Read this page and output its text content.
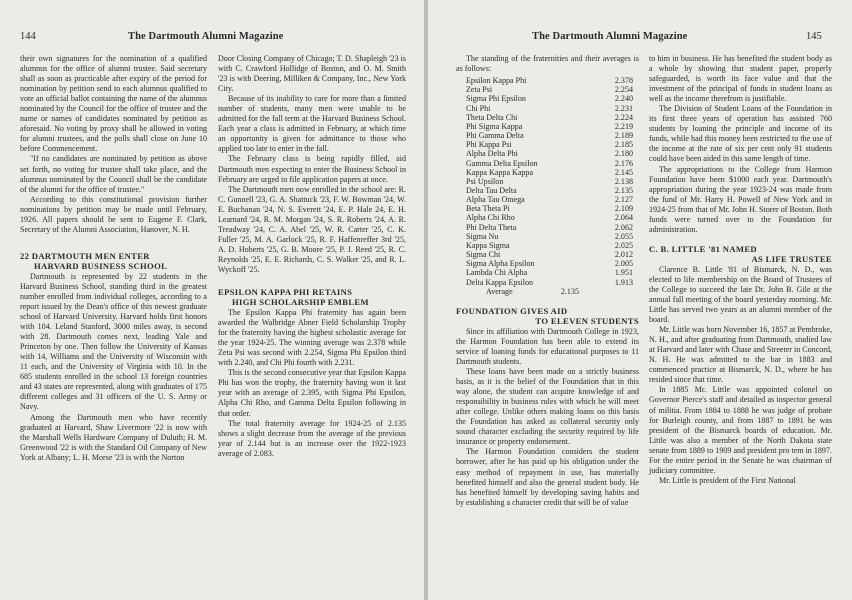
144	The Dartmouth Alumni Magazine

their own signatures for the nomination of a qualified alumnus for the office of alumni trustee. Said secretary shall as soon as practicable after expiry of the period for nomination by petition send to each alumnus qualified to vote an official ballot containing the name of the alumnus nominated by the Council for the office of trustee and the name or names of candidates nominated by petition as aforesaid. No voting by proxy shall be allowed in voting for alumni trustees, and the polls shall close on June 10 before Commencement.

"If no candidates are nominated by petition as above set forth, no voting for trustee shall take place, and the alumnus nominated by the Council shall be the candidate of the alumni for the office of trustee."

According to this constitutional provision further nominations by petition may be made until February, 1926. All papers should be sent to Eugene F. Clark, Secretary of the Alumni Association, Hanover, N. H.

22 DARTMOUTH MEN ENTER
HARVARD BUSINESS SCHOOL

Dartmouth is represented by 22 students in the Harvard Business School, standing third in the greatest number enrolled from individual colleges, according to a report issued by the Dean's office of this newest graduate school of Harvard University. Harvard holds first honors with 104. Leland Stanford, 3000 miles away, is second with 28. Dartmouth comes next, leading Yale and Princeton by one. Then follow the University of Kansas with 14, Williams and the University of Wisconsin with 11 each, and the University of Virginia with 10. In the 685 students enrolled in the school 13 foreign countries and 43 states are represented, along with graduates of 175 different colleges and 31 officers of the U. S. Army or Navy.

Among the Dartmouth men who have recently graduated at Harvard, Shaw Livermore '22 is now with the Marshall Wells Hardware Company of Duluth; H. M. Greenwood '22 is with the Standard Oil Company of New York at Albany; L. H. Morse '23 is with the Norton

Door Closing Company of Chicago; T. D. Shapleigh '23 is with C. Crawford Hollidge of Boston, and O. M. Smith '23 is with Deering, Milliken & Company, Inc., New York City.

Because of its inability to care for more than a limited number of students, many men were unable to be admitted for the fall term at the Harvard Business School. Each year a class is admitted in February, at which time an opportunity is given for admittance to those who applied too late to enter in the fall.

The February class is being rapidly filled, aid Dartmouth men expecting to enter the Business School in February are urged to file application papers at once.

The Dartmouth men now enrolled in the school are: R. C. Gunnell '23, G. A. Shattuck '23, F. W. Bowman '24, W. E. Buchanan '24, N. S. Everett '24, E. P. Hale 24, E. H. Learnard '24, R. M. Morgan '24, S. R. Roberts '24, A. R. Treadway '24, C. A. Abel '25, W. R. Carter '25, C. K. Fuller '25, M. A. Garlock '25, R. F. Haffenreffer 3rd '25, A. D. Hoberts '25, G. B. Moore '25, P. J. Reed '25, R. C. Reynolds '25, E. E. Richards, C. S. Walker '25, and R. L. Wyckoff '25.

EPSILON KAPPA PHI RETAINS
HIGH SCHOLARSHIP EMBLEM

The Epsilon Kappa Phi fraternity has again been awarded the Walbridge Abner Field Scholarship Trophy for the fraternity having the highest scholastic average for the year 1924-25. The winning average was 2.378 while Zeta Psi was second with 2.254, Sigma Phi Epsilon third with 2.240, and Chi Phi fourth with 2.231.

This is the second consecutive year that Epsilon Kappa Phi has won the trophy, the fraternity having won it last year with an average of 2.395, with Sigma Phi Epsilon, Alpha Chi Rho, and Gamma Delta Epsilon following in that order.

The total fraternity average for 1924-25 of 2.135 shows a slight decrease from the average of the previous year of 2.144 but is an increase over the 1922-1923 average of 2.083.

The Dartmouth Alumni Magazine	145

The standing of the fraternities and their averages is as follows:

Epsilon Kappa Phi	2.378
Zeta Psi	2.254
Sigma Phi Epsilon	2.240
Chi Phi	2.231
Theta Delta Chi	2.224
Phi Sigma Kappa	2.219
Phi Gamma Delta	2.189
Phi Kappa Psi	2.185
Alpha Delta Phi	2.180
Gamma Delta Epsilon	2.176
Kappa Kappa Kappa	2.145
Psi Upsilon	2.138
Delta Tau Delta	2.135
Alpha Tau Omega	2.127
Beta Theta Pi	2.109
Alpha Chi Rho	2.064
Phi Delta Theta	2.062
Sigma Nu	2.055
Kappa Sigma	2.025
Sigma Chi	2.012
Sigma Alpha Epsilon	2.005
Lambda Chi Alpha	1.951
Delta Kappa Epsilon	1.913
Average	2.135
FOUNDATION GIVES AID
TO ELEVEN STUDENTS

Since its affiliation with Dartmouth College in 1923, the Harmon Foundation has been able to extend its service of loaning funds for educational purposes to 11 Dartmouth students.

These loans have been made on a strictly business basis, as it is the belief of the Foundation that in this way alone, the student can acquire knowledge of and responsibility in business rules with which he will meet after college. Unlike others making loans on this basis the Foundation has asked as collateral security only sound character excluding the security required by life insurance or property endorsement.

The Harmon Foundation considers the student borrower, after he has paid up his obligation under the easy method of repayment in use, has materially benefited himself and also the general student body. He has benefited himself by developing saving habits and by establishing a character credit that will be of value

to him in business. He has benefited the student body as a whole by showing that student paper, properly safeguarded, is worth its face value and that the investment of the principal of funds in student loans as well as the income therefrom is justifiable.

The Division of Student Loans of the Foundation in its first three years of operation has assisted 760 students by loaning the principle and income of its funds, while had this money been restricted to the use of the income at the rate of six per cent only 91 students could have been aided in this same length of time.

The appropriations to the College from Harmon Foundation have been $1000 each year. Dartmouth's appropriation during the year 1923-24 was made from the fund of Mr. Harry H. Powell of New York and in 1924-25 from that of Mr. John H. Storer of Boston. Both funds were turned over to the Foundation for administration.

C. B. LITTLE '81 NAMED
AS LIFE TRUSTEE

Clarence B. Little '81 of Bismarck, N. D., was elected to life membership on the Board of Trustees of the College to succeed the late Dr. John B. Gile at the annual fall meeting of the board yesterday morning. Mr. Little has served two years as an alumni member of the board.

Mr. Little was born November 16, 1857 at Pembroke, N. H., and after graduating from Dartmouth, studied law at Harvard and later with Chase and Streeter in Concord, N. H. He was admitted to the bar in 1883 and commenced practice at Bismarck, N. D., where he has resided since that time.

In 1885 Mr. Little was appointed colonel on Governor Pierce's staff and detailed as inspector general of militia. From 1884 to 1888 he was judge of probate for Burleigh county, and from 1887 to 1891 he was president of the Bismarck boards of education. Mr. Little was also a member of the North Dakota state senate from 1889 to 1909 and president pro tem in 1897. For the entire period in the Senate he was chairman of judiciary committee.

Mr. Little is president of the First National
